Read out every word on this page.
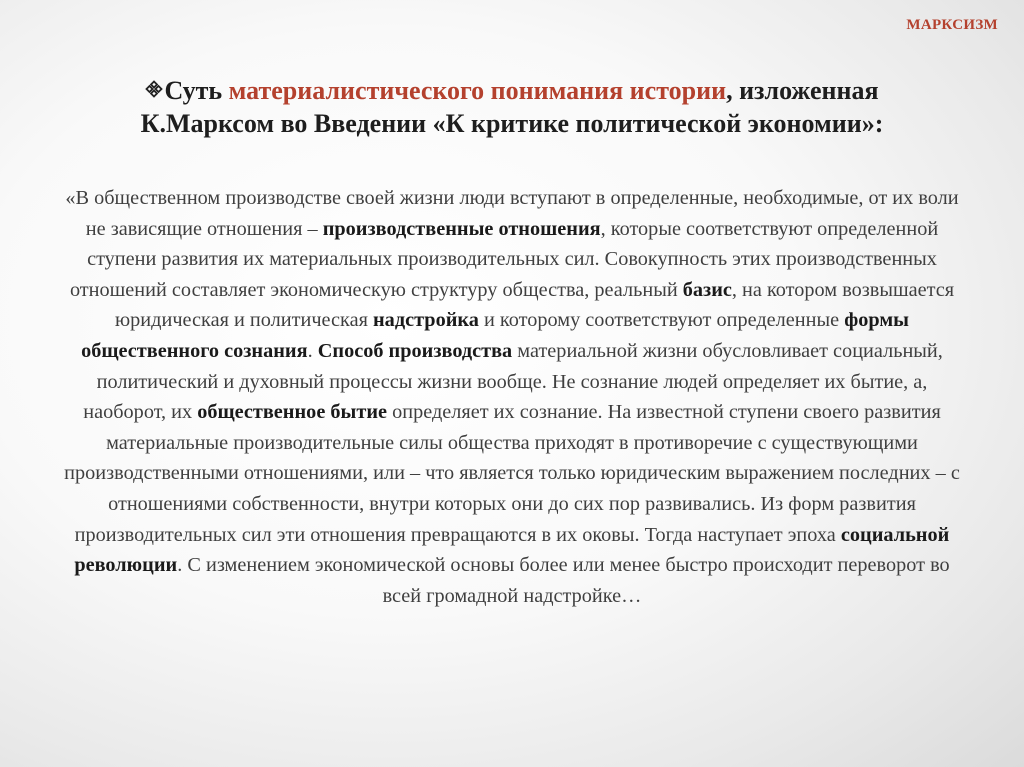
МАРКСИЗМ
Суть материалистического понимания истории, изложенная К.Марксом во Введении «К критике политической экономии»:
«В общественном производстве своей жизни люди вступают в определенные, необходимые, от их воли не зависящие отношения – производственные отношения, которые соответствуют определенной ступени развития их материальных производительных сил. Совокупность этих производственных отношений составляет экономическую структуру общества, реальный базис, на котором возвышается юридическая и политическая надстройка и которому соответствуют определенные формы общественного сознания. Способ производства материальной жизни обусловливает социальный, политический и духовный процессы жизни вообще. Не сознание людей определяет их бытие, а, наоборот, их общественное бытие определяет их сознание. На известной ступени своего развития материальные производительные силы общества приходят в противоречие с существующими производственными отношениями, или – что является только юридическим выражением последних – с отношениями собственности, внутри которых они до сих пор развивались. Из форм развития производительных сил эти отношения превращаются в их оковы. Тогда наступает эпоха социальной революции. С изменением экономической основы более или менее быстро происходит переворот во всей громадной надстройке…
